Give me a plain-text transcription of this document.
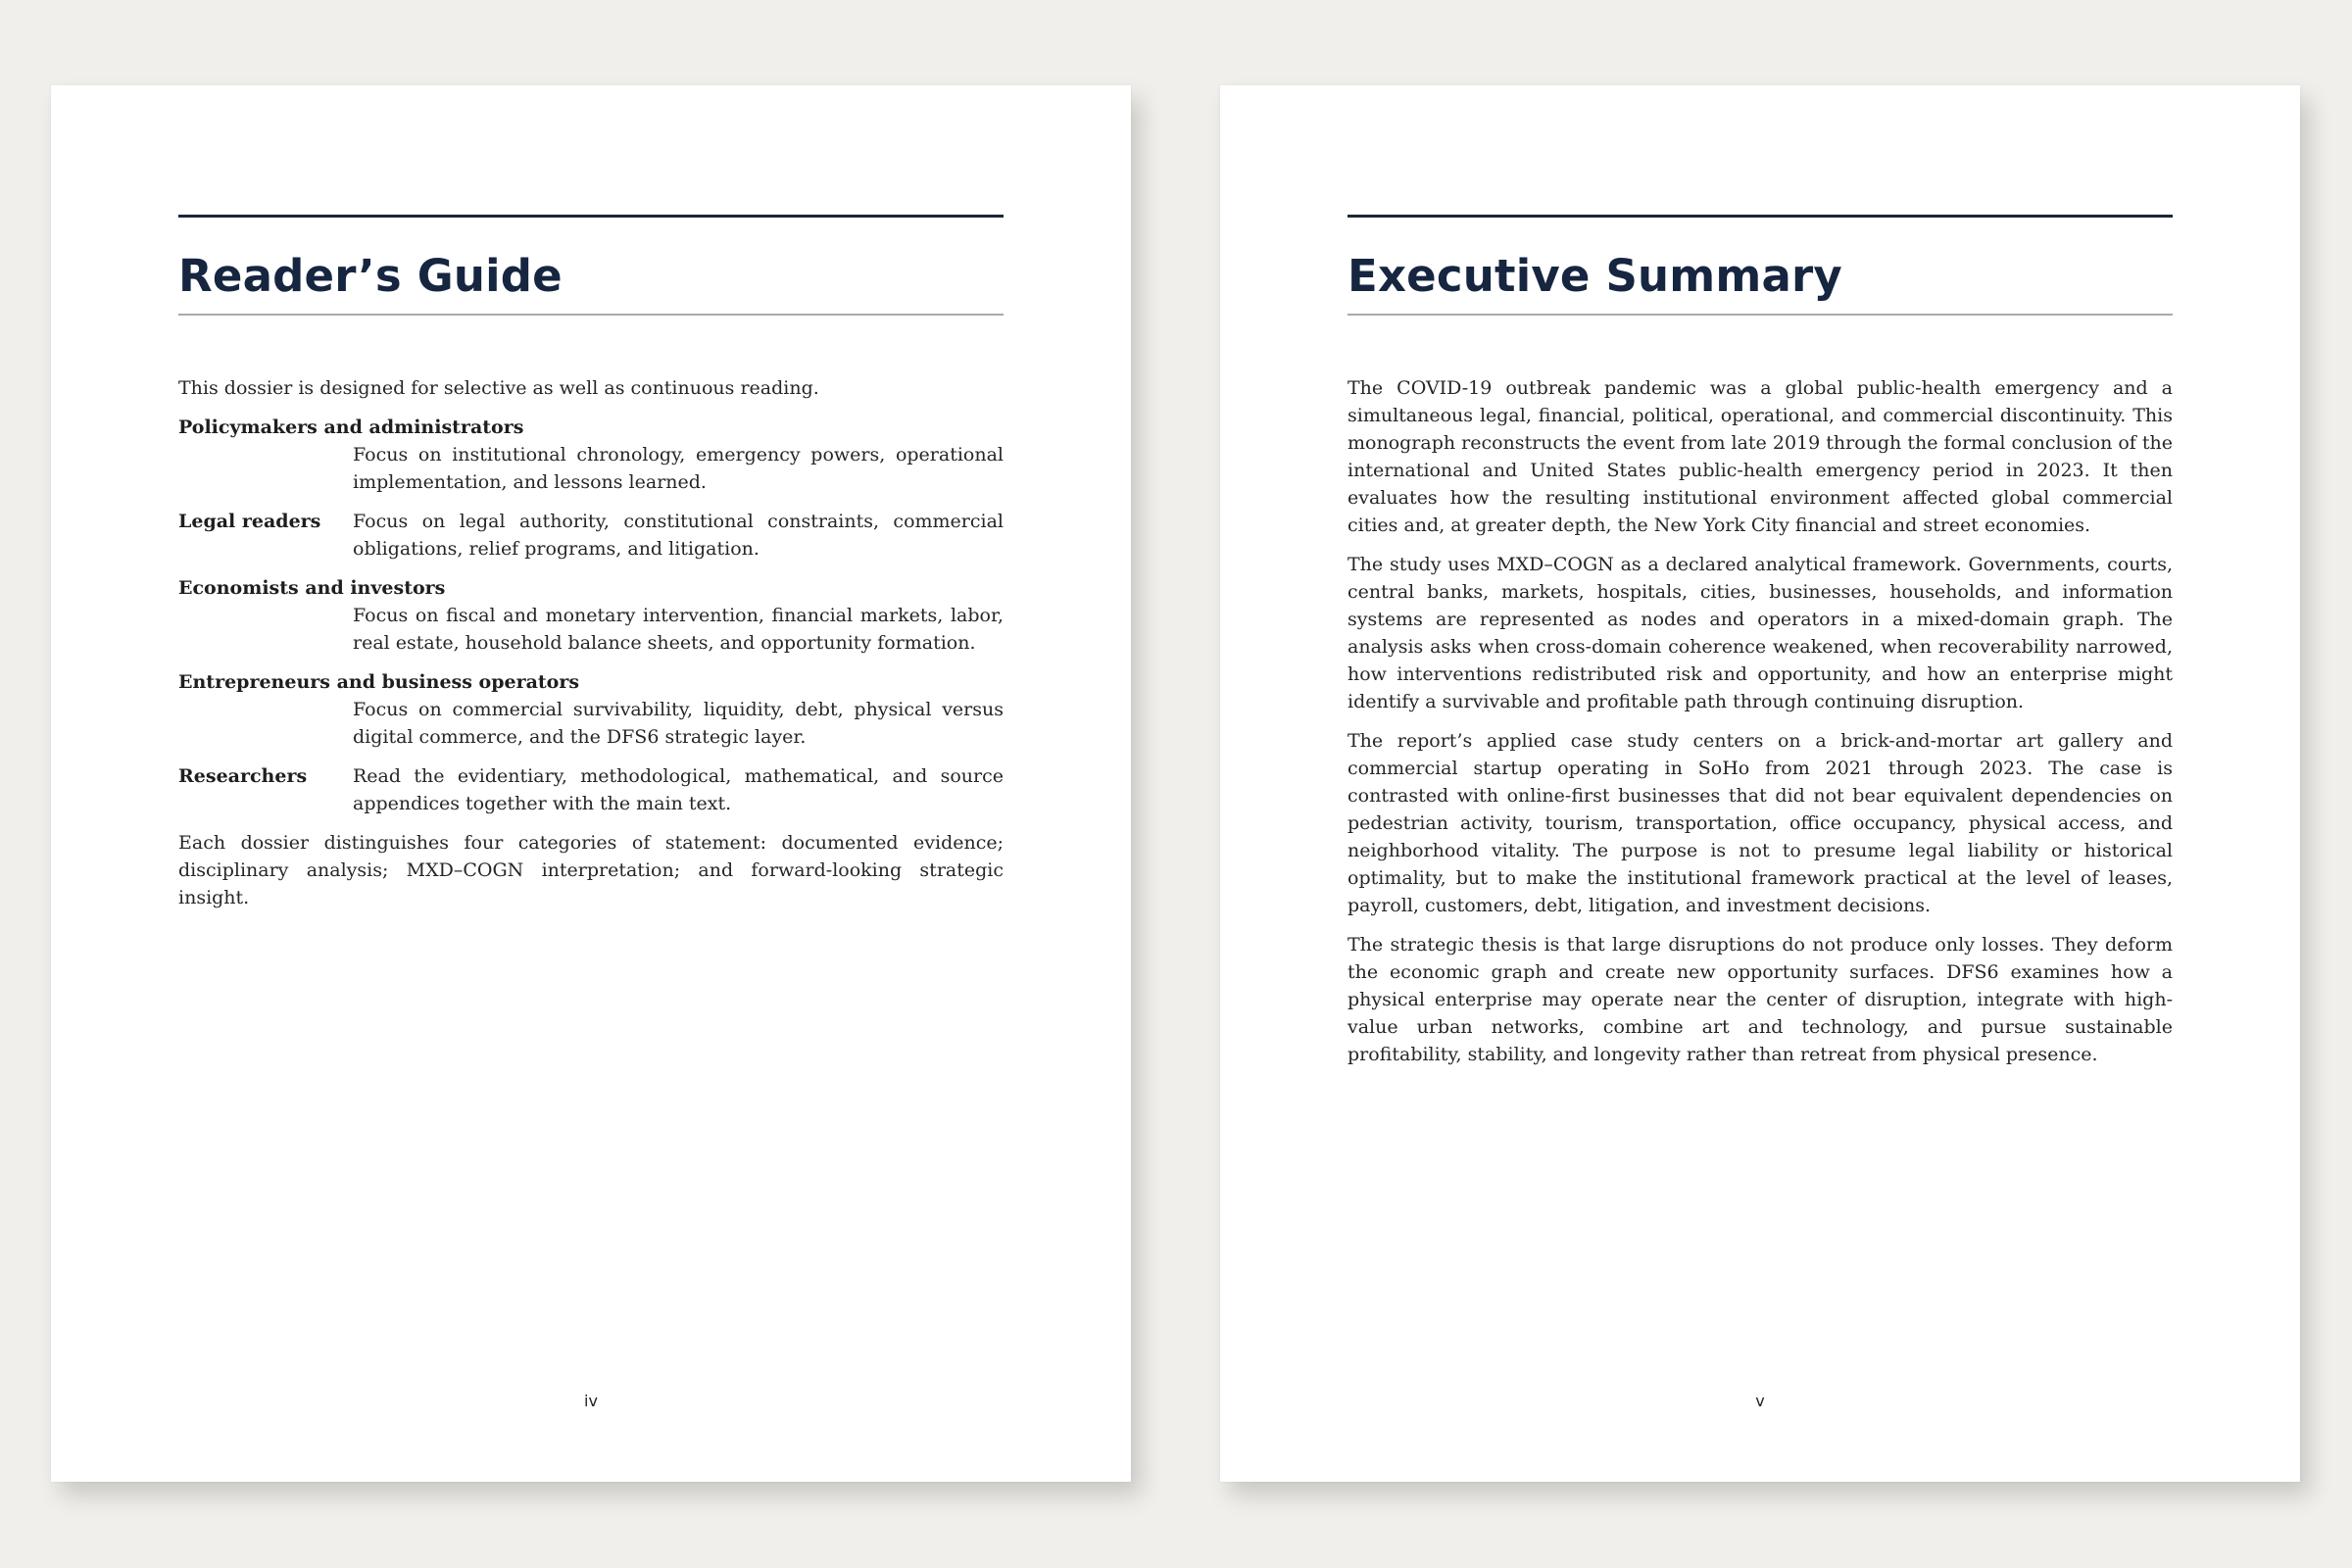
Reader’s Guide

This dossier is designed for selective as well as continuous reading.

Policymakers and administrators
Focus on institutional chronology, emergency powers, operational implementation, and lessons learned.
Legal readers	Focus on legal authority, constitutional constraints, commercial obligations, relief programs, and litigation.
Economists and investors
Focus on fiscal and monetary intervention, financial markets, labor, real estate, household balance sheets, and opportunity formation.
Entrepreneurs and business operators
Focus on commercial survivability, liquidity, debt, physical versus digital commerce, and the DFS6 strategic layer.
Researchers	Read the evidentiary, methodological, mathematical, and source appendices together with the main text.

Each dossier distinguishes four categories of statement: documented evidence; disciplinary analysis; MXD–COGN interpretation; and forward-looking strategic insight.

iv
Executive Summary

The COVID-19 outbreak pandemic was a global public-health emergency and a simultaneous legal, financial, political, operational, and commercial discontinuity. This monograph reconstructs the event from late 2019 through the formal conclusion of the international and United States public-health emergency period in 2023. It then evaluates how the resulting institutional environment affected global commercial cities and, at greater depth, the New York City financial and street economies.

The study uses MXD–COGN as a declared analytical framework. Governments, courts, central banks, markets, hospitals, cities, businesses, households, and information systems are represented as nodes and operators in a mixed-domain graph. The analysis asks when cross-domain coherence weakened, when recoverability narrowed, how interventions redistributed risk and opportunity, and how an enterprise might identify a survivable and profitable path through continuing disruption.

The report’s applied case study centers on a brick-and-mortar art gallery and commercial startup operating in SoHo from 2021 through 2023. The case is contrasted with online-first businesses that did not bear equivalent dependencies on pedestrian activity, tourism, transportation, office occupancy, physical access, and neighborhood vitality. The purpose is not to presume legal liability or historical optimality, but to make the institutional framework practical at the level of leases, payroll, customers, debt, litigation, and investment decisions.

The strategic thesis is that large disruptions do not produce only losses. They deform the economic graph and create new opportunity surfaces. DFS6 examines how a physical enterprise may operate near the center of disruption, integrate with high-value urban networks, combine art and technology, and pursue sustainable profitability, stability, and longevity rather than retreat from physical presence.

v
